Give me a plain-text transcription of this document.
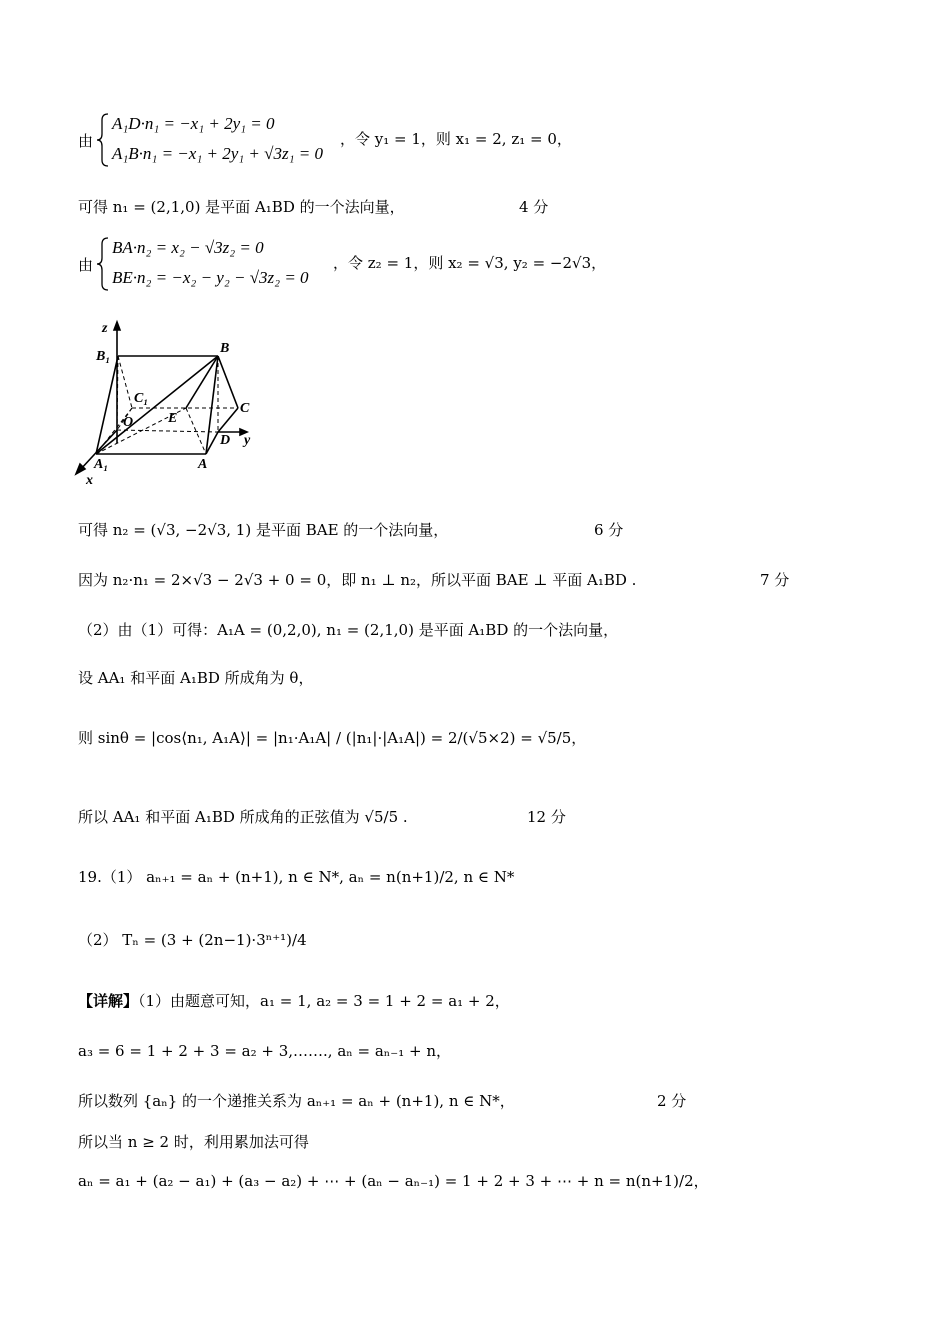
由
A₁D·n₁ = −x₁ + 2y₁ = 0
A₁B·n₁ = −x₁ + 2y₁ + √3z₁ = 0
，令 y₁ = 1，则 x₁ = 2, z₁ = 0，
可得 n₁ = (2,1,0) 是平面 A₁BD 的一个法向量，	4 分
由
BA·n₂ = x₂ − √3z₂ = 0
BE·n₂ = −x₂ − y₂ − √3z₂ = 0
，令 z₂ = 1，则 x₂ = √3, y₂ = −2√3，
z
B₁
B
C₁
E
C
O
D y
A₁	A
x
可得 n₂ = (√3, −2√3, 1) 是平面 BAE 的一个法向量，	6 分
因为 n₂·n₁ = 2×√3 − 2√3 + 0 = 0，即 n₁ ⊥ n₂，所以平面 BAE ⊥ 平面 A₁BD .	7 分
（2）由（1）可得：A₁A = (0,2,0), n₁ = (2,1,0) 是平面 A₁BD 的一个法向量，
设 AA₁ 和平面 A₁BD 所成角为 θ，
则 sinθ = |cos⟨n₁, A₁A⟩| = |n₁·A₁A| / (|n₁|·|A₁A|) = 2/(√5×2) = √5/5，
所以 AA₁ 和平面 A₁BD 所成角的正弦值为 √5/5 .	12 分
19.（1） aₙ₊₁ = aₙ + (n+1), n ∈ N*, aₙ = n(n+1)/2, n ∈ N*
（2） Tₙ = (3 + (2n−1)·3ⁿ⁺¹)/4
【详解】（1）由题意可知，a₁ = 1, a₂ = 3 = 1 + 2 = a₁ + 2，
a₃ = 6 = 1 + 2 + 3 = a₂ + 3,……., aₙ = aₙ₋₁ + n，
所以数列 {aₙ} 的一个递推关系为 aₙ₊₁ = aₙ + (n+1), n ∈ N*，	2 分
所以当 n ≥ 2 时，利用累加法可得
aₙ = a₁ + (a₂ − a₁) + (a₃ − a₂) + ⋯ + (aₙ − aₙ₋₁) = 1 + 2 + 3 + ⋯ + n = n(n+1)/2，
